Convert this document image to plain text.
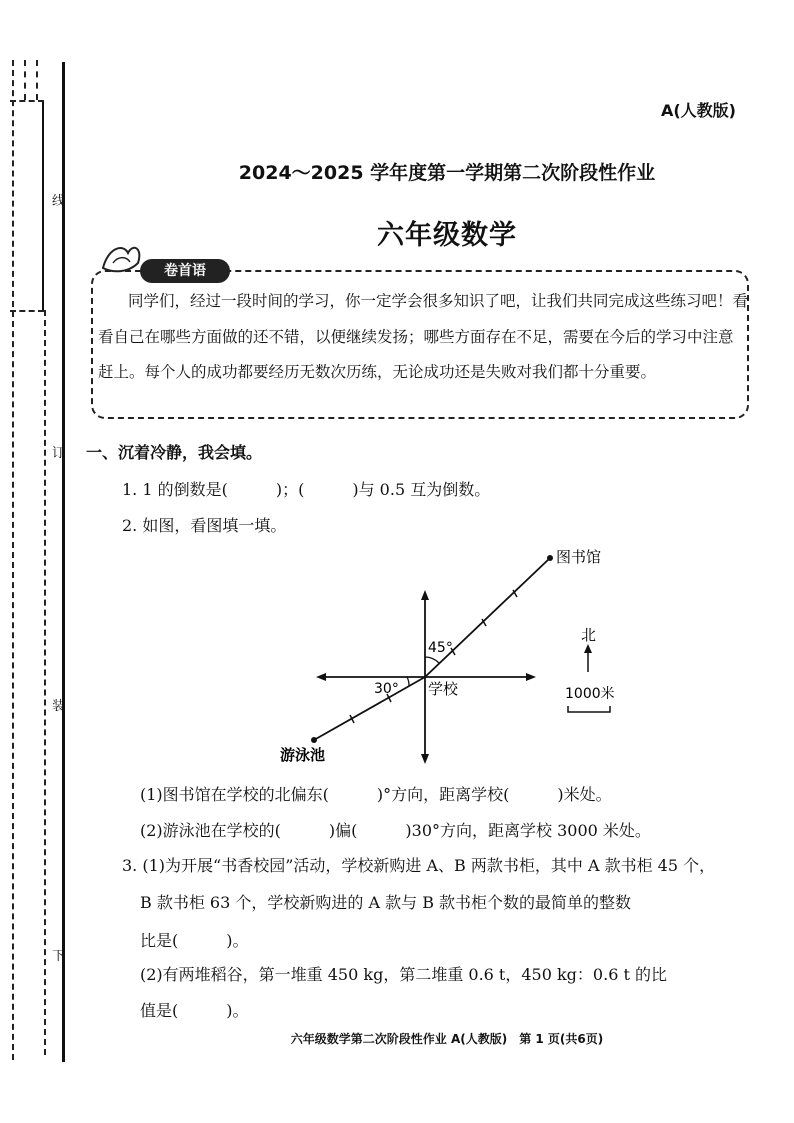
线
订
装
下
A(人教版)
2024～2025 学年度第一学期第二次阶段性作业
六年级数学
卷首语
同学们，经过一段时间的学习，你一定学会很多知识了吧，让我们共同完成这些练习吧！看看自己在哪些方面做的还不错，以便继续发扬；哪些方面存在不足，需要在今后的学习中注意赶上。每个人的成功都要经历无数次历练，无论成功还是失败对我们都十分重要。
一、沉着冷静，我会填。
1. 1 的倒数是(　　　)；(　　　)与 0.5 互为倒数。
2. 如图，看图填一填。
图书馆
45°
30° 学校
游泳池
北
1000米
(1)图书馆在学校的北偏东(　　　)°方向，距离学校(　　　)米处。
(2)游泳池在学校的(　　　)偏(　　　)30°方向，距离学校 3000 米处。
3. (1)为开展“书香校园”活动，学校新购进 A、B 两款书柜，其中 A 款书柜 45 个，
B 款书柜 63 个，学校新购进的 A 款与 B 款书柜个数的最简单的整数
比是(　　　)。
(2)有两堆稻谷，第一堆重 450 kg，第二堆重 0.6 t，450 kg：0.6 t 的比
值是(　　　)。
六年级数学第二次阶段性作业 A(人教版)　第 1 页(共6页)
